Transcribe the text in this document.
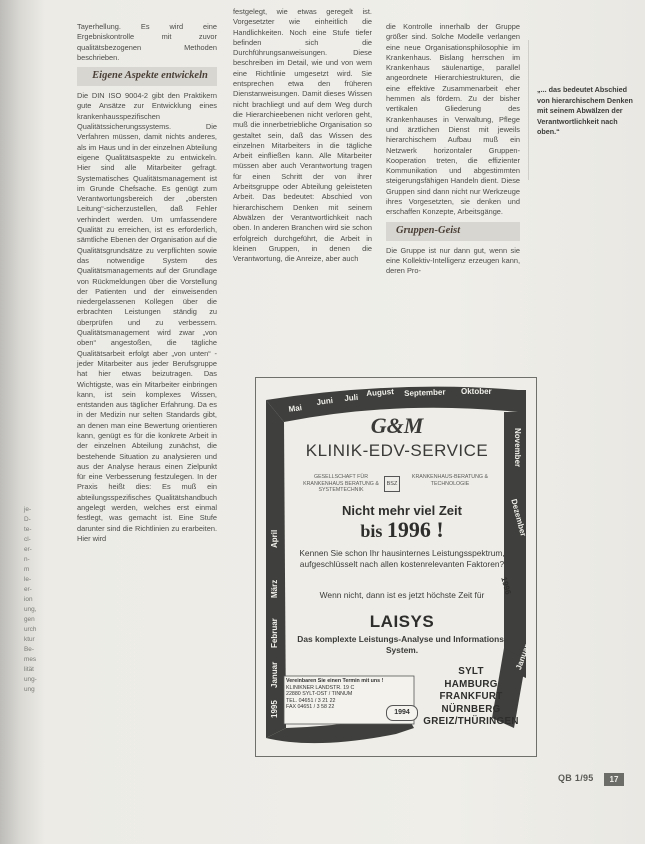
je-
D-
te-
cl-
er-
n-
m
le-
er-
ion
ung,
gen
urch
ktur
Be-
mes
lität
ung-
ung

Tayerhellung. Es wird eine Ergebniskontrolle mit zuvor qualitätsbezogenen Methoden beschrieben.

Eigene Aspekte entwickeln

Die DIN ISO 9004-2 gibt den Praktikern gute Ansätze zur Entwicklung eines krankenhausspezifischen Qualitätssicherungssystems. Die Verfahren müssen, damit nichts anderes, als im Haus und in der einzelnen Abteilung eigene Qualitätsaspekte zu entwickeln. Hier sind alle Mitarbeiter gefragt. Systematisches Qualitätsmanagement ist im Grunde Chefsache. Es genügt zum Verantwortungsbereich der „obersten Leitung“-sicherzustellen, daß Fehler verhindert werden. Um umfassendere Qualität zu erreichen, ist es erforderlich, sämtliche Ebenen der Organisation auf die Qualitätsgrundsätze zu verpflichten sowie das notwendige System des Qualitätsmanagements auf der Grundlage von Rückmeldungen über die Vorstellung der Patienten und der einweisenden niedergelassenen Kollegen über die erbrachten Leistungen ständig zu überprüfen und zu verbessern. Qualitätsmanagement wird zwar „von oben“ angestoßen, die tägliche Qualitätsarbeit erfolgt aber „von unten“ - jeder Mitarbeiter aus jeder Berufsgruppe hat hier etwas beizutragen. Das Wichtigste, was ein Mitarbeiter einbringen kann, ist sein komplexes Wissen, entstanden aus täglicher Erfahrung. Da es in der Medizin nur selten Standards gibt, an denen man eine Bewertung orientieren kann, genügt es für die konkrete Arbeit in der einzelnen Abteilung zunächst, die bestehende Situation zu analysieren und aus der Analyse heraus einen Zielpunkt für eine Verbesserung festzulegen. In der Praxis heißt dies: Es muß ein abteilungsspezifisches Qualitätshandbuch angelegt werden, welches erst einmal festlegt, was gemacht ist. Eine Stufe darunter sind die Richtlinien zu erarbeiten. Hier wird

festgelegt, wie etwas geregelt ist. Vorgesetzter wie einheitlich die Handlichkeiten. Noch eine Stufe tiefer befinden sich die Durchführungsanweisungen. Diese beschreiben im Detail, wie und von wem eine Richtlinie umgesetzt wird. Sie entsprechen etwa den früheren Dienstanweisungen. Damit dieses Wissen nicht brachliegt und auf dem Weg durch die Hierarchieebenen nicht verloren geht, muß die innerbetriebliche Organisation so gestaltet sein, daß das Wissen des einzelnen Mitarbeiters in die tägliche Arbeit einfließen kann. Alle Mitarbeiter müssen aber auch Verantwortung tragen für einen Schritt der von ihrer Arbeitsgruppe oder Abteilung geleisteten Arbeit. Das bedeutet: Abschied von hierarchischem Denken mit seinem Abwälzen der Verantwortlichkeit nach oben. In anderen Branchen wird sie schon erfolgreich durchgeführt, die Arbeit in kleinen Gruppen, in denen die Verantwortung, die Anreize, aber auch

die Kontrolle innerhalb der Gruppe größer sind. Solche Modelle verlangen eine neue Organisationsphilosophie im Krankenhaus. Bislang herrschen im Krankenhaus säulenartige, parallel angeordnete Hierarchiestrukturen, die eine effektive Zusammenarbeit eher hemmen als fördern. Zu der bisher vertikalen Gliederung des Krankenhauses in Verwaltung, Pflege und ärztlichen Dienst mit jeweils hierarchischem Aufbau muß ein Netzwerk horizontaler Gruppen-Kooperation treten, die effizienter Kommunikation und abgestimmten steigerungsfähigen Handeln dient. Diese Gruppen sind dann nicht nur Werkzeuge ihres Vorgesetzten, sie denken und erschaffen Konzepte, Arbeitsgänge.

Gruppen-Geist

Die Gruppe ist nur dann gut, wenn sie eine Kollektiv-Intelligenz erzeugen kann, deren Pro-

„... das bedeutet Abschied von hierarchischem Denken mit seinem Abwälzen der Verantwortlichkeit nach oben.“
Mai
Juni Juli August September Oktober
1995
Januar
Februar
März
April
November
Dezember
1996
Januar
G&M
KLINIK-EDV-SERVICE
GESELLSCHAFT FÜR KRANKENHAUS BERATUNG & SYSTEMTECHNIK
BSZ
KRANKENHAUS-BERATUNG & TECHNOLOGIE
Nicht mehr viel Zeit
bis 1996 !
Kennen Sie schon Ihr hausinternes Leistungsspektrum, aufgeschlüsselt nach allen kostenrelevanten Faktoren?
Wenn nicht, dann ist es jetzt höchste Zeit für
LAISYS
Das komplexte Leistungs-Analyse und Informations-System.
Vereinbaren Sie einen Termin mit uns !
KLINIKNER LANDSTR. 19 C
22880 SYLT-OST / TINNUM
TEL. 04651 / 3 21 22
FAX 04651 / 3 58 22
1994
SYLT
HAMBURG
FRANKFURT
NÜRNBERG
GREIZ/THÜRINGEN
QB 1/95	17
